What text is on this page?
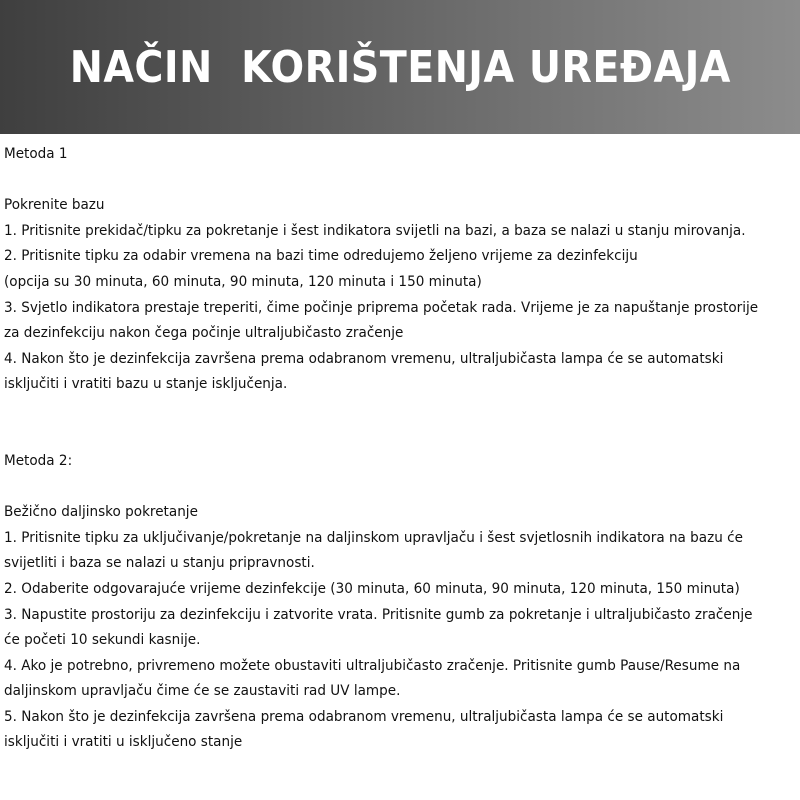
NAČIN  KORIŠTENJA UREĐAJA
Metoda 1
Pokrenite bazu
1. Pritisnite prekidač/tipku za pokretanje i šest indikatora svijetli na bazi, a baza se nalazi u stanju mirovanja.
2. Pritisnite tipku za odabir vremena na bazi time odredujemo željeno vrijeme za dezinfekciju
(opcija su 30 minuta, 60 minuta, 90 minuta, 120 minuta i 150 minuta)
3. Svjetlo indikatora prestaje treperiti, čime počinje priprema početak rada. Vrijeme je za napuštanje prostorije
za dezinfekciju nakon čega počinje ultraljubičasto zračenje
4. Nakon što je dezinfekcija završena prema odabranom vremenu, ultraljubičasta lampa će se automatski
isključiti i vratiti bazu u stanje isključenja.
Metoda 2:
Bežično daljinsko pokretanje
1. Pritisnite tipku za uključivanje/pokretanje na daljinskom upravljaču i šest svjetlosnih indikatora na bazu će
svijetliti i baza se nalazi u stanju pripravnosti.
2. Odaberite odgovarajuće vrijeme dezinfekcije (30 minuta, 60 minuta, 90 minuta, 120 minuta, 150 minuta)
3. Napustite prostoriju za dezinfekciju i zatvorite vrata. Pritisnite gumb za pokretanje i ultraljubičasto zračenje
će početi 10 sekundi kasnije.
4. Ako je potrebno, privremeno možete obustaviti ultraljubičasto zračenje. Pritisnite gumb Pause/Resume na
daljinskom upravljaču čime će se zaustaviti rad UV lampe.
5. Nakon što je dezinfekcija završena prema odabranom vremenu, ultraljubičasta lampa će se automatski
isključiti i vratiti u isključeno stanje
